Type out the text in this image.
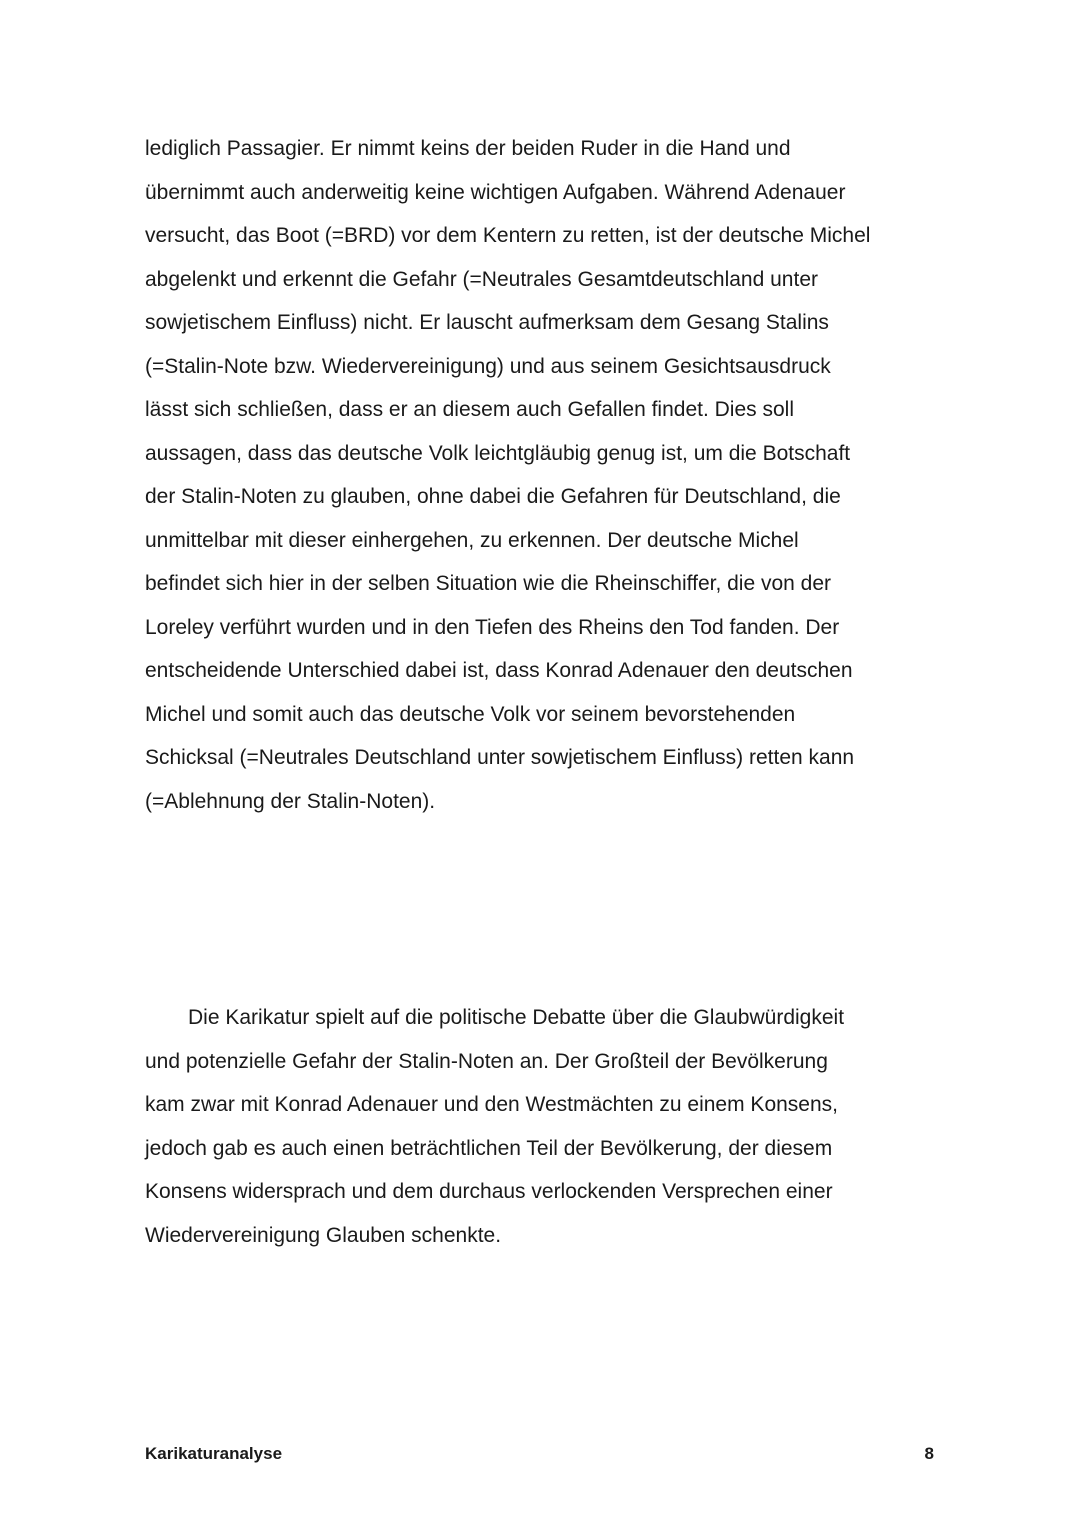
lediglich Passagier. Er nimmt keins der beiden Ruder in die Hand und
übernimmt auch anderweitig keine wichtigen Aufgaben. Während Adenauer
versucht, das Boot (=BRD) vor dem Kentern zu retten, ist der deutsche Michel
abgelenkt und erkennt die Gefahr (=Neutrales Gesamtdeutschland unter
sowjetischem Einfluss) nicht. Er lauscht aufmerksam dem Gesang Stalins
(=Stalin-Note bzw. Wiedervereinigung) und aus seinem Gesichtsausdruck
lässt sich schließen, dass er an diesem auch Gefallen findet. Dies soll
aussagen, dass das deutsche Volk leichtgläubig genug ist, um die Botschaft
der Stalin-Noten zu glauben, ohne dabei die Gefahren für Deutschland, die
unmittelbar mit dieser einhergehen, zu erkennen. Der deutsche Michel
befindet sich hier in der selben Situation wie die Rheinschiffer, die von der
Loreley verführt wurden und in den Tiefen des Rheins den Tod fanden. Der
entscheidende Unterschied dabei ist, dass Konrad Adenauer den deutschen
Michel und somit auch das deutsche Volk vor seinem bevorstehenden
Schicksal (=Neutrales Deutschland unter sowjetischem Einfluss) retten kann
(=Ablehnung der Stalin-Noten).

Die Karikatur spielt auf die politische Debatte über die Glaubwürdigkeit
und potenzielle Gefahr der Stalin-Noten an. Der Großteil der Bevölkerung
kam zwar mit Konrad Adenauer und den Westmächten zu einem Konsens,
jedoch gab es auch einen beträchtlichen Teil der Bevölkerung, der diesem
Konsens widersprach und dem durchaus verlockenden Versprechen einer
Wiedervereinigung Glauben schenkte.

Karikaturanalyse	8
